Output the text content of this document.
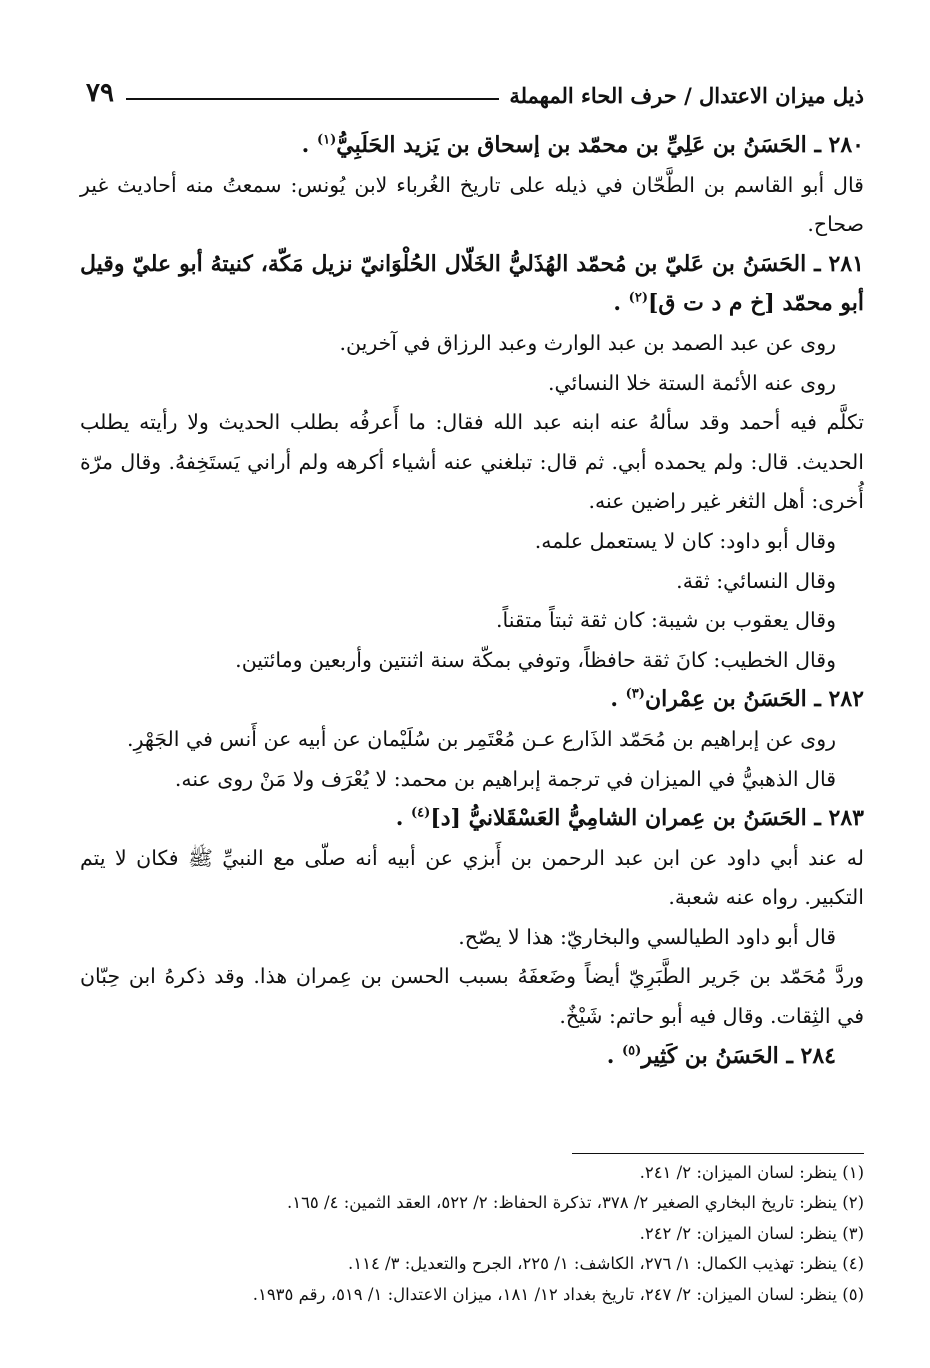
ذيل ميزان الاعتدال / حرف الحاء المهملة
٧٩

٢٨٠ ـ الحَسَنُ بن عَلِيِّ بن محمّد بن إسحاق بن يَزيد الحَلَبِيُّ$^{(١)}$ .

قال أبو القاسم بن الطَّحّان في ذيله على تاريخ الغُرباء لابن يُونس: سمعتُ منه أحاديث غير صحاح.

٢٨١ ـ الحَسَنُ بن عَليّ بن مُحمّد الهُذَليُّ الخَلّال الحُلْوَانيّ نزيل مَكّة، كنيتهُ أبو عليّ وقيل أبو محمّد [خ م د ت ق]$^{(٢)}$ .

روى عن عبد الصمد بن عبد الوارث وعبد الرزاق في آخرين.

روى عنه الأئمة الستة خلا النسائي.

تكلَّم فيه أحمد وقد سألهُ عنه ابنه عبد الله فقال: ما أَعرفُه بطلب الحديث ولا رأيته يطلب الحديث. قال: ولم يحمده أبي. ثم قال: تبلغني عنه أشياء أكرهه ولم أراني يَستَخِفهُ. وقال مرّة أُخرى: أهل الثغر غير راضين عنه.

وقال أبو داود: كان لا يستعمل علمه.

وقال النسائي: ثقة.

وقال يعقوب بن شيبة: كان ثقة ثبتاً متقناً.

وقال الخطيب: كانَ ثقة حافظاً، وتوفي بمكّة سنة اثنتين وأربعين ومائتين.

٢٨٢ ـ الحَسَنُ بن عِمْران$^{(٣)}$ .

روى عن إبراهيم بن مُحَمّد الذَارع عـن مُعْتَمِر بن سُلَيْمان عن أبيه عن أَنس في الجَهْرِ.

قال الذهبيُّ في الميزان في ترجمة إبراهيم بن محمد: لا يُعْرَف ولا مَنْ روى عنه.

٢٨٣ ـ الحَسَنُ بن عِمران الشامِيُّ العَسْقَلانيُّ [د]$^{(٤)}$ .

له عند أبي داود عن ابن عبد الرحمن بن أَبزي عن أبيه أنه صلّى مع النبيِّ ﷺ فكان لا يتم التكبير. رواه عنه شعبة.

قال أبو داود الطيالسي والبخاريّ: هذا لا يصّح.

وردَّ مُحَمّد بن جَرير الطَّبَرِيّ أيضاً وضَعفَهُ بسبب الحسن بن عِمران هذا. وقد ذكرهُ ابن حِبّان في الثِقات. وقال فيه أبو حاتم: شَيْخٌ.

٢٨٤ ـ الحَسَنُ بن كَثِير$^{(٥)}$ .

(١) ينظر: لسان الميزان: ٢/ ٢٤١.

(٢) ينظر: تاريخ البخاري الصغير ٢/ ٣٧٨، تذكرة الحفاظ: ٢/ ٥٢٢، العقد الثمين: ٤/ ١٦٥.

(٣) ينظر: لسان الميزان: ٢/ ٢٤٢.

(٤) ينظر: تهذيب الكمال: ١/ ٢٧٦، الكاشف: ١/ ٢٢٥، الجرح والتعديل: ٣/ ١١٤.

(٥) ينظر: لسان الميزان: ٢/ ٢٤٧، تاريخ بغداد ١٢/ ١٨١، ميزان الاعتدال: ١/ ٥١٩، رقم ١٩٣٥.
